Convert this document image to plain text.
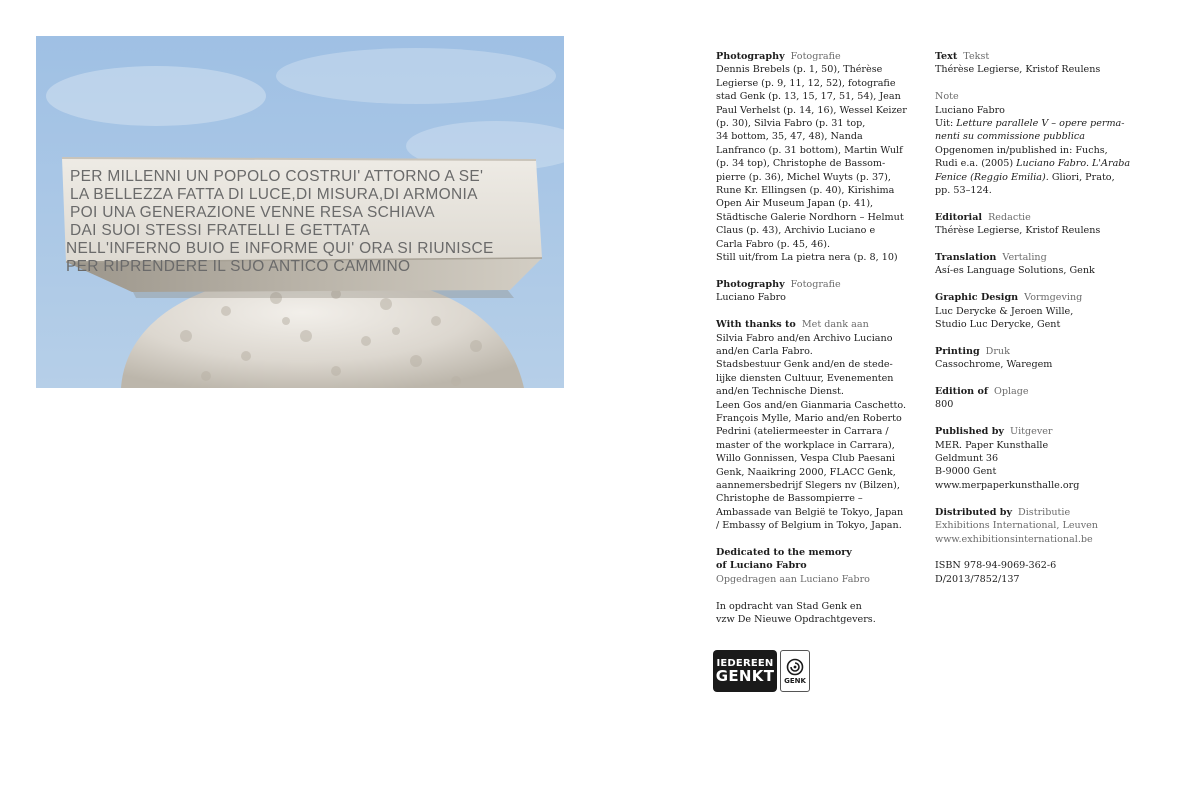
PER MILLENNI UN POPOLO COSTRUI' ATTORNO A SE'
LA BELLEZZA FATTA DI LUCE,DI MISURA,DI ARMONIA
POI UNA GENERAZIONE VENNE RESA SCHIAVA
DAI SUOI STESSI FRATELLI E GETTATA
NELL'INFERNO BUIO E INFORME QUI' ORA SI RIUNISCE
PER RIPRENDERE IL SUO ANTICO CAMMINO
Photography Fotografie
Dennis Brebels (p. 1, 50), Thérèse
Legierse (p. 9, 11, 12, 52), fotografie
stad Genk (p. 13, 15, 17, 51, 54), Jean
Paul Verhelst (p. 14, 16), Wessel Keizer
(p. 30), Silvia Fabro (p. 31 top,
34 bottom, 35, 47, 48), Nanda
Lanfranco (p. 31 bottom), Martin Wulf
(p. 34 top), Christophe de Bassom-
pierre (p. 36), Michel Wuyts (p. 37),
Rune Kr. Ellingsen (p. 40), Kirishima
Open Air Museum Japan (p. 41),
Städtische Galerie Nordhorn – Helmut
Claus (p. 43), Archivio Luciano e
Carla Fabro (p. 45, 46).
Still uit/from La pietra nera (p. 8, 10)
Photography Fotografie
Luciano Fabro
With thanks to Met dank aan
Silvia Fabro and/en Archivo Luciano
and/en Carla Fabro.
Stadsbestuur Genk and/en de stede-
lijke diensten Cultuur, Evenementen
and/en Technische Dienst.
Leen Gos and/en Gianmaria Caschetto.
François Mylle, Mario and/en Roberto
Pedrini (ateliermeester in Carrara /
master of the workplace in Carrara),
Willo Gonnissen, Vespa Club Paesani
Genk, Naaikring 2000, FLACC Genk,
aannemersbedrijf Slegers nv (Bilzen),
Christophe de Bassompierre –
Ambassade van België te Tokyo, Japan
/ Embassy of Belgium in Tokyo, Japan.
Dedicated to the memory
of Luciano Fabro
Opgedragen aan Luciano Fabro
In opdracht van Stad Genk en
vzw De Nieuwe Opdrachtgevers.
IEDEREEN
GENKT GENK
Text Tekst
Thérèse Legierse, Kristof Reulens
Note
Luciano Fabro
Uit: Letture parallele V – opere perma-
nenti su commissione pubblica
Opgenomen in/published in: Fuchs,
Rudi e.a. (2005) Luciano Fabro. L'Araba
Fenice (Reggio Emilia). Gliori, Prato,
pp. 53–124.
Editorial Redactie
Thérèse Legierse, Kristof Reulens
Translation Vertaling
Así-es Language Solutions, Genk
Graphic Design Vormgeving
Luc Derycke & Jeroen Wille,
Studio Luc Derycke, Gent
Printing Druk
Cassochrome, Waregem
Edition of Oplage
800
Published by Uitgever
MER. Paper Kunsthalle
Geldmunt 36
B-9000 Gent
www.merpaperkunsthalle.org
Distributed by Distributie
Exhibitions International, Leuven
www.exhibitionsinternational.be
ISBN 978-94-9069-362-6
D/2013/7852/137
